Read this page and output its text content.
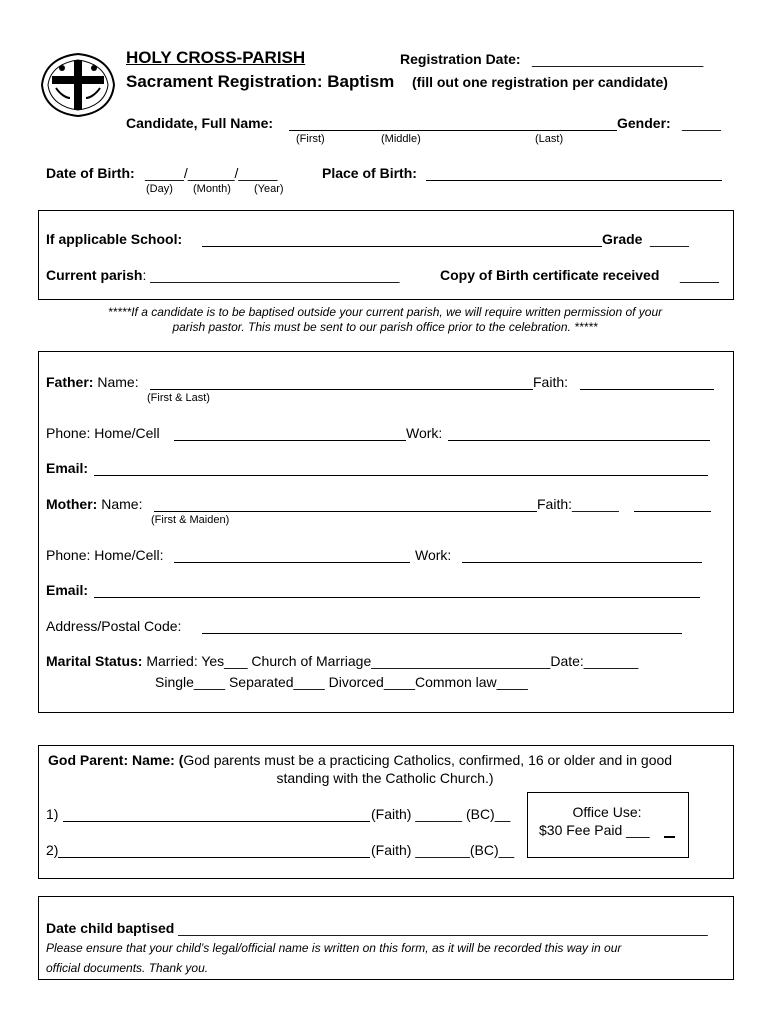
HOLY CROSS-PARISH	Registration Date: ______________________
Sacrament Registration: Baptism (fill out one registration per candidate)
Candidate, Full Name:	Gender: _____
(First)	(Middle)	(Last)
Date of Birth: _____/______/_____
(Day) (Month) (Year)
Place of Birth:
If applicable School:	Grade _____
Current parish: ________________________________	Copy of Birth certificate received _____
*****If a candidate is to be baptised outside your current parish, we will require written permission of your
parish pastor. This must be sent to our parish office prior to the celebration. *****
Father: Name:	Faith:
(First & Last)
Phone: Home/Cell	Work:
Email:
Mother: Name:	Faith:______
(First & Maiden)
Phone: Home/Cell:	Work:
Email:
Address/Postal Code:
Marital Status: Married: Yes___ Church of Marriage_______________________Date:_______
Single____ Separated____ Divorced____Common law____
God Parent: Name: (God parents must be a practicing Catholics, confirmed, 16 or older and in good
standing with the Catholic Church.)
1)	(Faith) ______ (BC)__
2)	(Faith) _______(BC)__
Office Use:
$30 Fee Paid ___
Date child baptised ____________________________________________________________________
Please ensure that your child’s legal/official name is written on this form, as it will be recorded this way in our
official documents. Thank you.
